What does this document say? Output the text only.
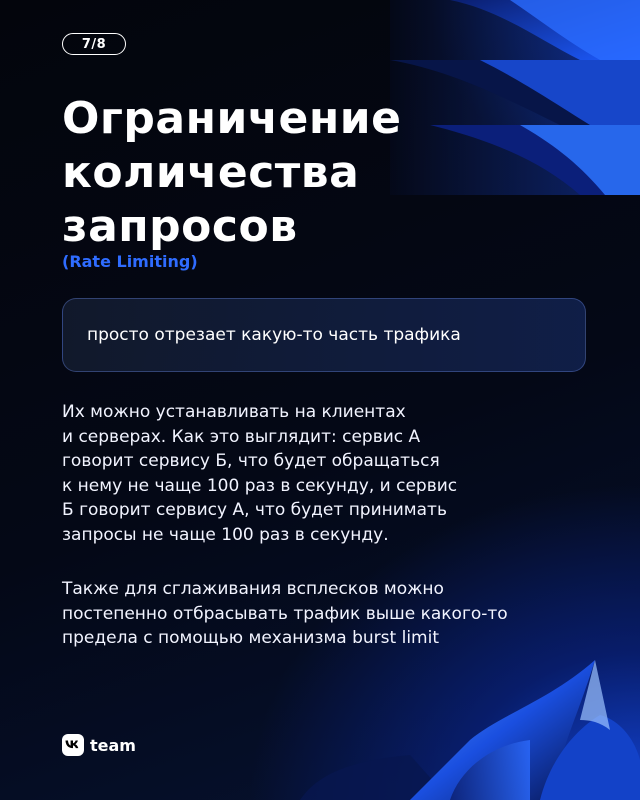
7/8
Ограничение
количества
запросов
(Rate Limiting)
просто отрезает какую-то часть трафика

Их можно устанавливать на клиентах
и серверах. Как это выглядит: сервис А
говорит сервису Б, что будет обращаться
к нему не чаще 100 раз в секунду, и сервис
Б говорит сервису А, что будет принимать
запросы не чаще 100 раз в секунду.

Также для сглаживания всплесков можно
постепенно отбрасывать трафик выше какого-то
предела с помощью механизма burst limit

team
